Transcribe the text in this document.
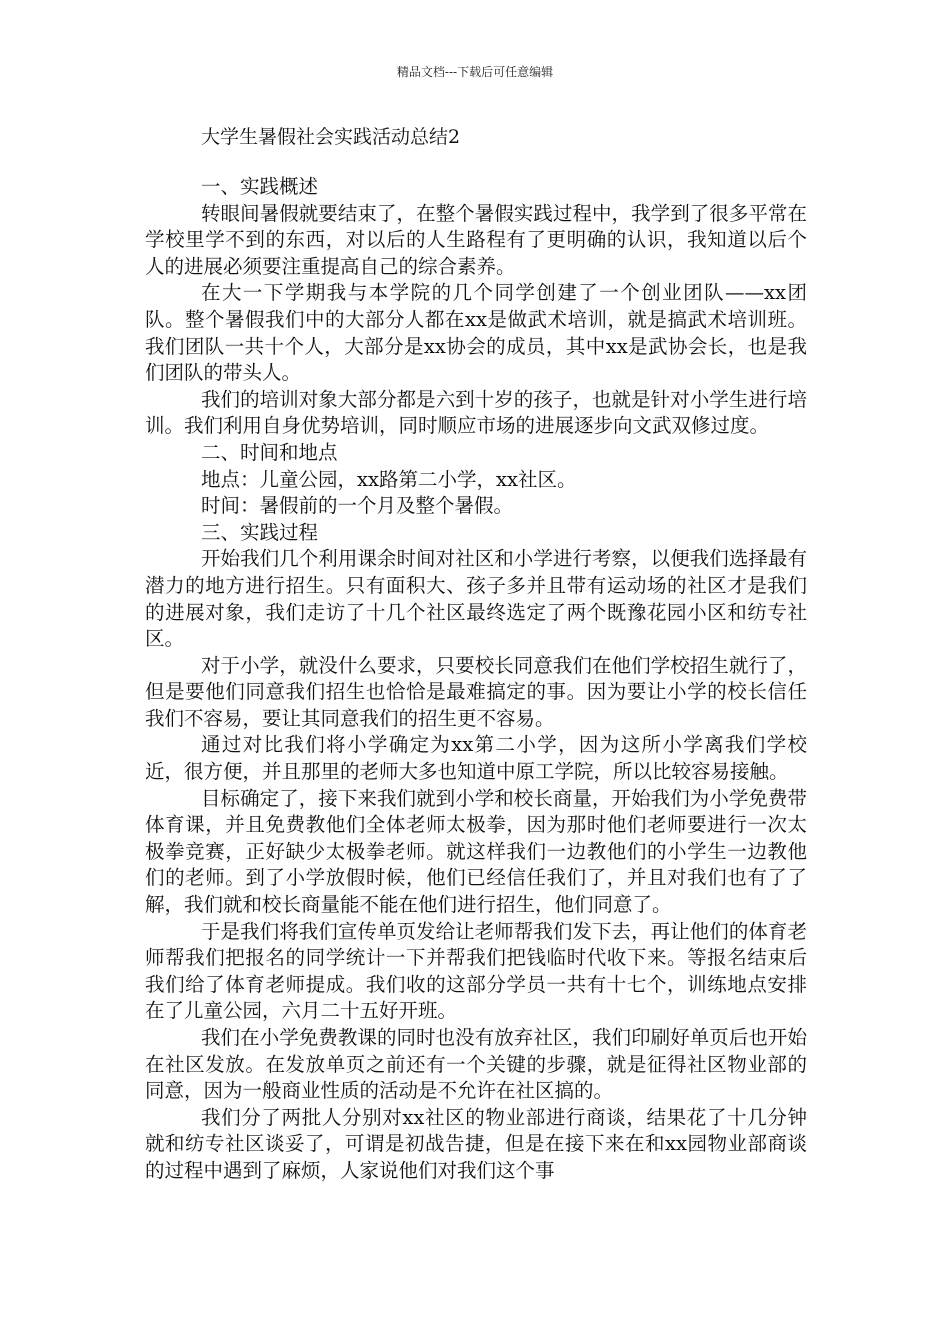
精品文档---下载后可任意编辑
大学生暑假社会实践活动总结2

一、实践概述

转眼间暑假就要结束了，在整个暑假实践过程中，我学到了很多平常在学校里学不到的东西，对以后的人生路程有了更明确的认识，我知道以后个人的进展必须要注重提高自己的综合素养。

在大一下学期我与本学院的几个同学创建了一个创业团队——xx团队。整个暑假我们中的大部分人都在xx是做武术培训，就是搞武术培训班。我们团队一共十个人，大部分是xx协会的成员，其中xx是武协会长，也是我们团队的带头人。

我们的培训对象大部分都是六到十岁的孩子，也就是针对小学生进行培训。我们利用自身优势培训，同时顺应市场的进展逐步向文武双修过度。

二、时间和地点

地点：儿童公园，xx路第二小学，xx社区。

时间：暑假前的一个月及整个暑假。

三、实践过程

开始我们几个利用课余时间对社区和小学进行考察，以便我们选择最有潜力的地方进行招生。只有面积大、孩子多并且带有运动场的社区才是我们的进展对象，我们走访了十几个社区最终选定了两个既豫花园小区和纺专社区。

对于小学，就没什么要求，只要校长同意我们在他们学校招生就行了，但是要他们同意我们招生也恰恰是最难搞定的事。因为要让小学的校长信任我们不容易，要让其同意我们的招生更不容易。

通过对比我们将小学确定为xx第二小学，因为这所小学离我们学校近，很方便，并且那里的老师大多也知道中原工学院，所以比较容易接触。

目标确定了，接下来我们就到小学和校长商量，开始我们为小学免费带体育课，并且免费教他们全体老师太极拳，因为那时他们老师要进行一次太极拳竞赛，正好缺少太极拳老师。就这样我们一边教他们的小学生一边教他们的老师。到了小学放假时候，他们已经信任我们了，并且对我们也有了了解，我们就和校长商量能不能在他们进行招生，他们同意了。

于是我们将我们宣传单页发给让老师帮我们发下去，再让他们的体育老师帮我们把报名的同学统计一下并帮我们把钱临时代收下来。等报名结束后我们给了体育老师提成。我们收的这部分学员一共有十七个，训练地点安排在了儿童公园，六月二十五好开班。

我们在小学免费教课的同时也没有放弃社区，我们印刷好单页后也开始在社区发放。在发放单页之前还有一个关键的步骤，就是征得社区物业部的同意，因为一般商业性质的活动是不允许在社区搞的。

我们分了两批人分别对xx社区的物业部进行商谈，结果花了十几分钟就和纺专社区谈妥了，可谓是初战告捷，但是在接下来在和xx园物业部商谈的过程中遇到了麻烦，人家说他们对我们这个事
